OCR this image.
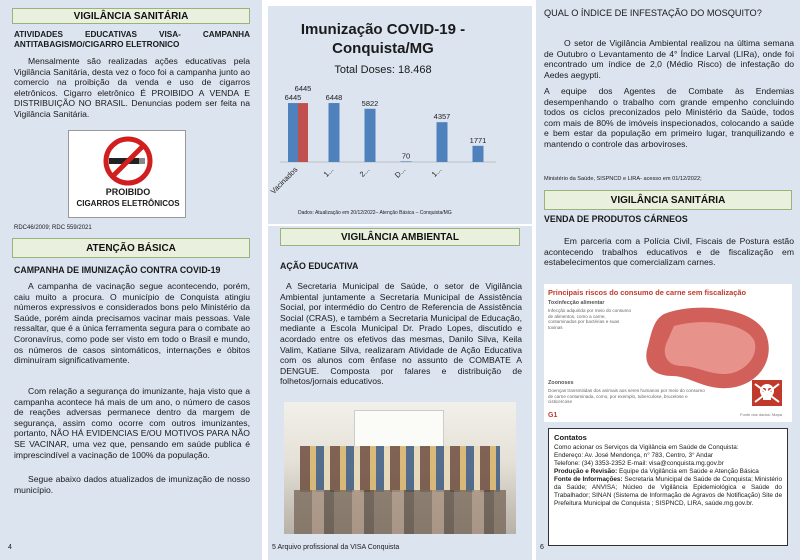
VIGILÂNCIA SANITÁRIA
ATIVIDADES EDUCATIVAS VISA- CAMPANHA ANTITABAGISMO/CIGARRO ELETRONICO
Mensalmente são realizadas ações educativas pela Vigilância Sanitária, desta vez o foco foi a campanha junto ao comercio na proibição da venda e uso de cigarros eletrônicos. Cigarro eletrônico É PROIBIDO A VENDA E DISTRIBUIÇÃO NO BRASIL. Denuncias podem ser feita na Vigilância Sanitária.
PROIBIDO
CIGARROS ELETRÔNICOS
RDC46/2009; RDC 559/2021
ATENÇÃO BÁSICA
CAMPANHA DE IMUNIZAÇÃO CONTRA COVID-19
A campanha de vacinação segue acontecendo, porém, caiu muito a procura. O município de Conquista atingiu números expressivos e considerados bons pelo Ministério da Saúde, porém ainda precisamos vacinar mais pessoas. Vale ressaltar, que é a única ferramenta segura para o combate ao Coronavírus, como pode ser visto em todo o Brasil e mundo, os números de casos sintomáticos, internações e óbitos diminuíram significativamente.
Com relação a segurança do imunizante, haja visto que a campanha acontece há mais de um ano, o número de casos de reações adversas permanece dentro da margem de segurança, assim como ocorre com outros imunizantes, portanto, NÃO HÁ EVIDENCIAS E/OU MOTIVOS PARA NÃO SE VACINAR, uma vez que, pensando em saúde publica é imprescindível a vacinação de 100% da população.
Segue abaixo dados atualizados de imunização de nosso município.
4
Imunização COVID-19 - Conquista/MG
Total Doses: 18.468
6445
6445
Vacinados
6448
1...
5822
2...
70
D...
4357
1...
1771
Dados: Atualização em 20/12/2022– Atenção Básica – Conquista/MG
VIGILÂNCIA AMBIENTAL
AÇÃO EDUCATIVA
A Secretaria Municipal de Saúde, o setor de Vigilância Ambiental juntamente a Secretaria Municipal de Assistência Social, por intermédio do Centro de Referencia de Assistência Social (CRAS), e também a Secretaria Municipal de Educação, mediante a Escola Municipal Dr. Prado Lopes, discutido e acordado entre os efetivos das mesmas, Danilo Silva, Keila Valim, Katiane Silva, realizaram Atividade de Ação Educativa com os alunos com ênfase no assunto de COMBATE A DENGUE. Composta por falares e distribuição de folhetos/jornais educativos.
5 Arquivo profissional da VISA Conquista
QUAL O ÍNDICE DE INFESTAÇÃO DO MOSQUITO?
O setor de Vigilância Ambiental realizou na última semana de Outubro o Levantamento de 4° Índice Larval (LIRa), onde foi encontrado um índice de 2,0 (Médio Risco) de infestação do Aedes aegypti.
A equipe dos Agentes de Combate às Endemias desempenhando o trabalho com grande empenho concluindo todos os ciclos preconizados pelo Ministério da Saúde, todos com mais de 80% de imóveis inspecionados, colocando a saúde e bem estar da população em primeiro lugar, tranquilizando e mantendo o controle das arboviroses.
Ministério da Saúde, SISPNCD e LIRA- acesso em 01/12/2022;
VIGILÂNCIA SANITÁRIA
VENDA DE PRODUTOS CÁRNEOS
Em parceria com a Polícia Civil, Fiscais de Postura estão acontecendo trabalhos educativos e de fiscalização em estabelecimentos que comercializam carnes.
Principais riscos do consumo de carne sem fiscalização
Toxinfecção alimentar
Infecção adquirida por meio do consumo de alimentos, como a carne, contaminados por bactérias e suas toxinas
Zoonoses
Doenças transmitidas dos animais aos seres humanos por meio do consumo de carne contaminada, como, por exemplo, tuberculose, brucelose e cisticercose
G1	Fonte dos dados: Mapa
Contatos
Como acionar os Serviços da Vigilância em Saúde de Conquista:
Endereço: Av. José Mendonça, n° 783, Centro, 3° Andar
Telefone: (34) 3353-2352 E-mail: visa@conquista.mg.gov.br
Produção e Revisão: Equipe da Vigilância em Saúde e Atenção Básica
Fonte de Informações: Secretaria Municipal de Saúde de Conquista; Ministério da Saúde; ANVISA; Núcleo de Vigilância Epidemiológica e Saúde do Trabalhador; SINAN (Sistema de Informação de Agravos de Notificação) Site de Prefeitura Municipal de Conquista ; SISPNCD, LIRA, saúde.mg.gov.br.
6
